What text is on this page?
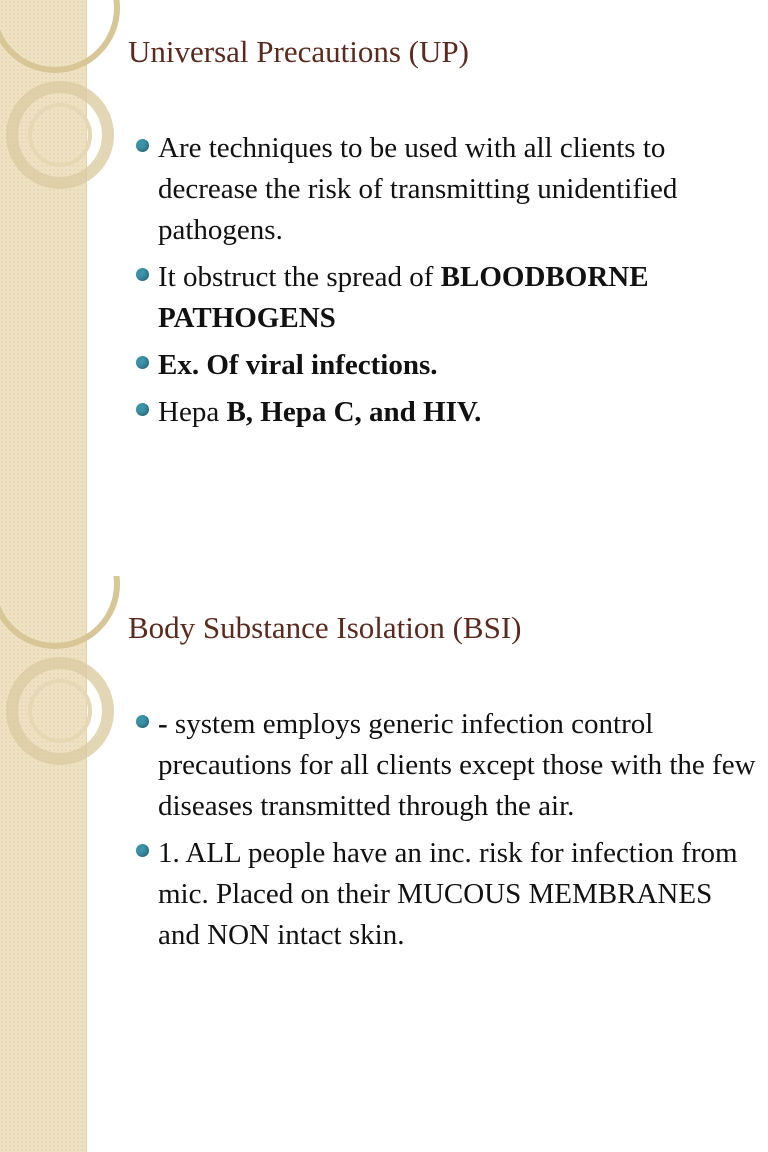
Universal Precautions (UP)
Are techniques to be used with all clients to decrease the risk of transmitting unidentified pathogens.
It obstruct the spread of BLOODBORNE PATHOGENS
Ex. Of viral infections.
Hepa B, Hepa C, and HIV.
Body Substance Isolation (BSI)
- system employs generic infection control precautions for all clients except those with the few diseases transmitted through the air.
1. ALL people have an inc. risk for infection from mic. Placed on their MUCOUS MEMBRANES and NON intact skin.
